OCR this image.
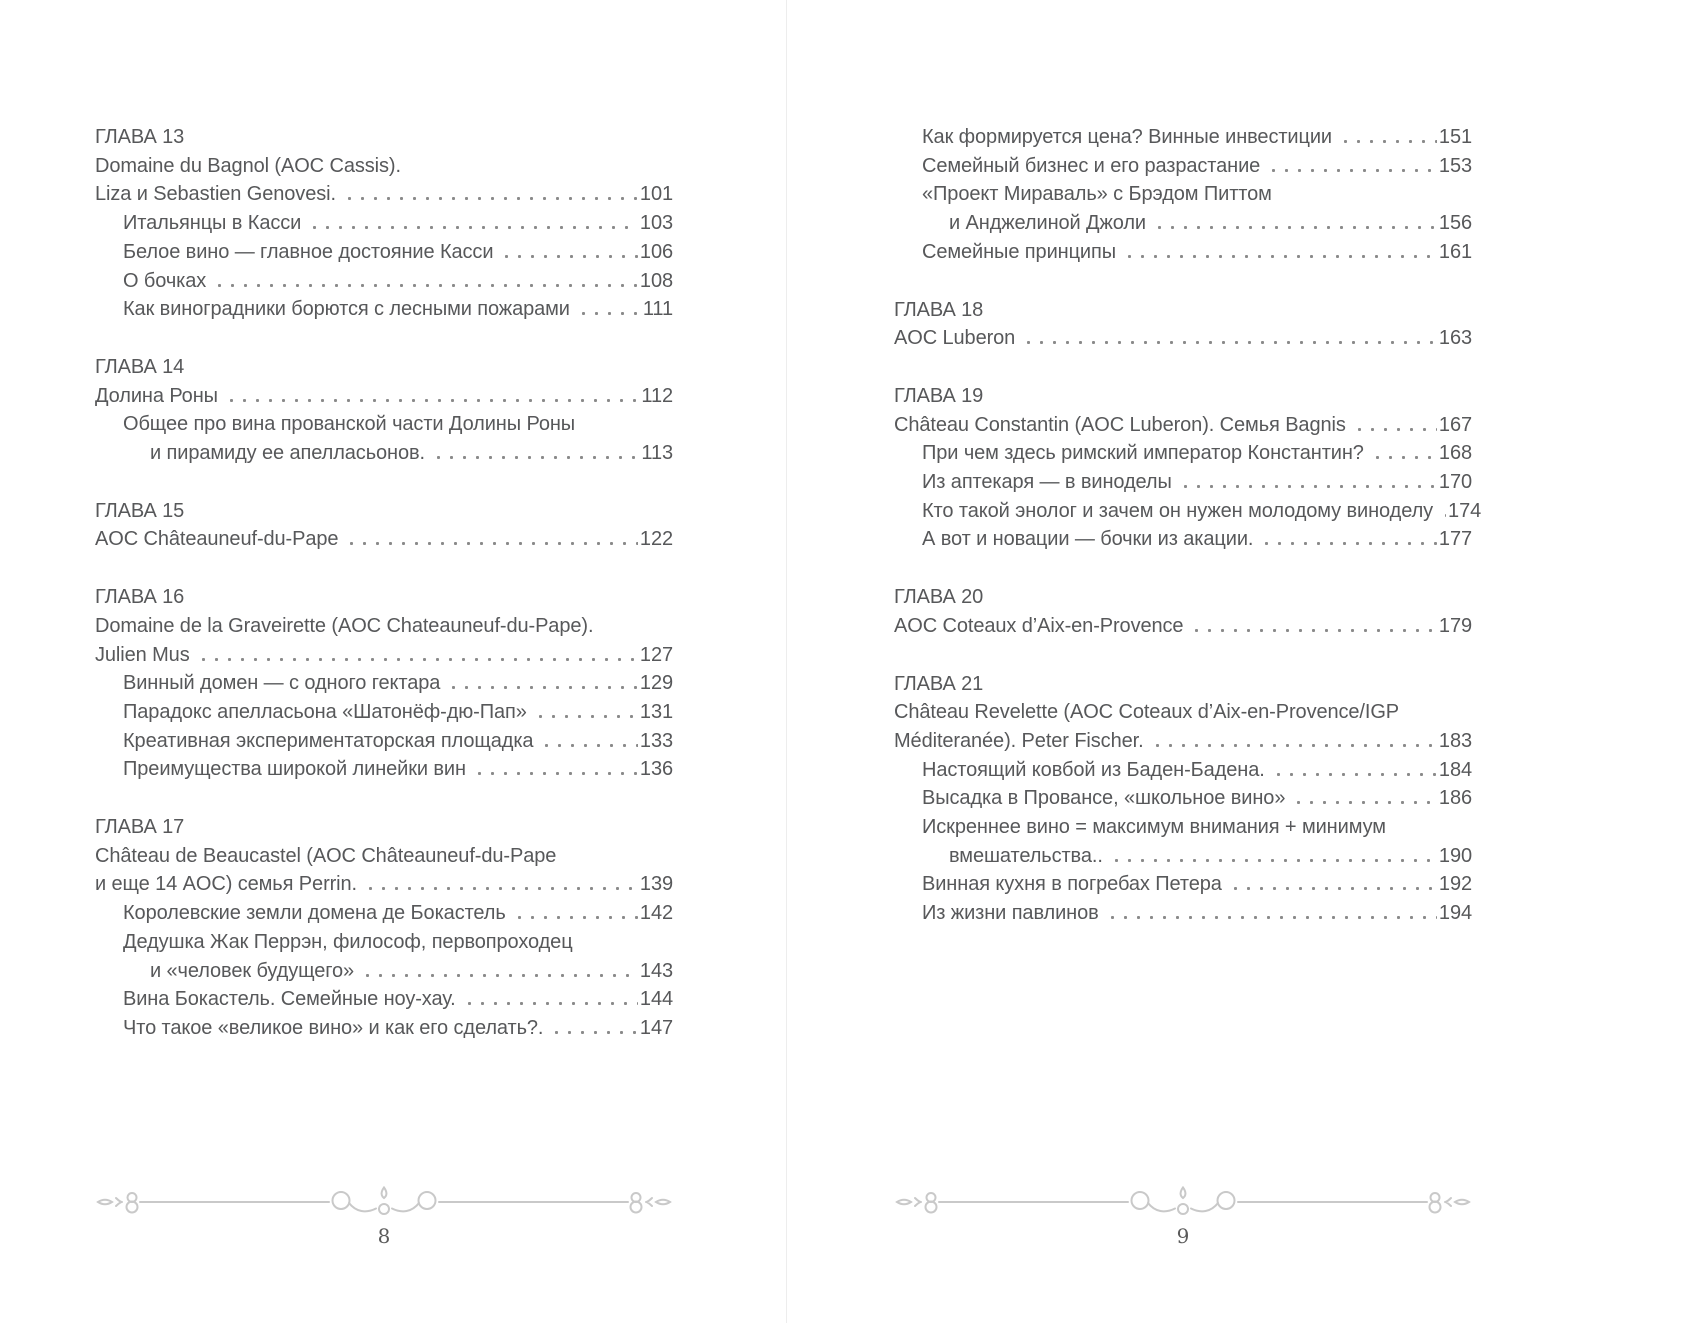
ГЛАВА 13
Domaine du Bagnol (AOC Cassis).
Liza и Sebastien Genovesi.	101
Итальянцы в Касси	103
Белое вино — главное достояние Касси	106
О бочках	108
Как виноградники борются с лесными пожарами	111
ГЛАВА 14
Долина Роны	112
Общее про вина прованской части Долины Роны
и пирамиду ее апелласьонов.	113
ГЛАВА 15
AOC Châteauneuf-du-Pape	122
ГЛАВА 16
Domaine de la Graveirette (AOC Chateauneuf-du-Pape).
Julien Mus	127
Винный домен — с одного гектара	129
Парадокс апелласьона «Шатонёф-дю-Пап»	131
Креативная экспериментаторская площадка	133
Преимущества широкой линейки вин	136
ГЛАВА 17
Château de Beaucastel (AOC Châteauneuf-du-Pape
и еще 14 AOC) семья Perrin.	139
Королевские земли домена де Бокастель	142
Дедушка Жак Перрэн, философ, первопроходец
и «человек будущего»	143
Вина Бокастель. Семейные ноу-хау.	144
Что такое «великое вино» и как его сделать?.	147
8
Как формируется цена? Винные инвестиции	151
Семейный бизнес и его разрастание	153
«Проект Мираваль» с Брэдом Питтом
и Анджелиной Джоли	156
Семейные принципы	161
ГЛАВА 18
AOC Luberon	163
ГЛАВА 19
Château Constantin (AOC Luberon). Семья Bagnis	167
При чем здесь римский император Константин?	168
Из аптекаря — в виноделы	170
Кто такой энолог и зачем он нужен молодому виноделу 174
А вот и новации — бочки из акации.	177
ГЛАВА 20
AOC Coteaux d’Aix-en-Provence	179
ГЛАВА 21
Château Revelette (AOC Coteaux d’Aix-en-Provence/IGP
Méditeranée). Peter Fischer.	183
Настоящий ковбой из Баден-Бадена.	184
Высадка в Провансе, «школьное вино»	186
Искреннее вино = максимум внимания + минимум
вмешательства..	190
Винная кухня в погребах Петера	192
Из жизни павлинов	194
9
